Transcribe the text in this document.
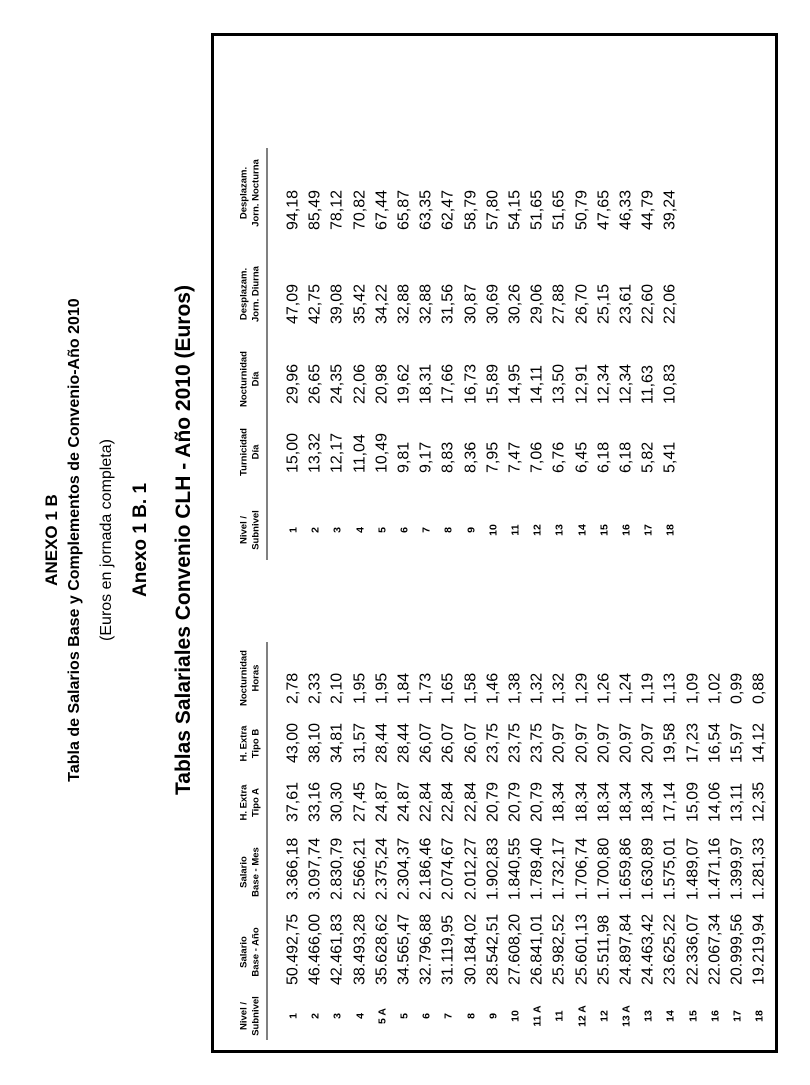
ANEXO 1 B Tabla de Salarios Base y Complementos de Convenio-Año 2010 (Euros en jornada completa) Anexo 1 B. 1 Tablas Salariales Convenio CLH - Año 2010 (Euros)
Nivel /
Subnivel
Salario
Base - Año
Salario
Base - Mes
H. Extra
Tipo A
H. Extra
Tipo B
Nocturnidad
Horas
Nivel /
Subnivel
Turnicidad
Día
Nocturnidad
Día
Desplazam.
Jorn. Diurna
Desplazam.
Jorn. Nocturna
1
50.492,75
3.366,18
37,61
43,00
2,78
2
46.466,00
3.097,74
33,16
38,10
2,33
3
42.461,83
2.830,79
30,30
34,81
2,10
4
38.493,28
2.566,21
27,45
31,57
1,95
5 A
35.628,62
2.375,24
24,87
28,44
1,95
5
34.565,47
2.304,37
24,87
28,44
1,84
6
32.796,88
2.186,46
22,84
26,07
1,73
7
31.119,95
2.074,67
22,84
26,07
1,65
8
30.184,02
2.012,27
22,84
26,07
1,58
9
28.542,51
1.902,83
20,79
23,75
1,46
10
27.608,20
1.840,55
20,79
23,75
1,38
11 A
26.841,01
1.789,40
20,79
23,75
1,32
11
25.982,52
1.732,17
18,34
20,97
1,32
12 A
25.601,13
1.706,74
18,34
20,97
1,29
12
25.511,98
1.700,80
18,34
20,97
1,26
13 A
24.897,84
1.659,86
18,34
20,97
1,24
13
24.463,42
1.630,89
18,34
20,97
1,19
14
23.625,22
1.575,01
17,14
19,58
1,13
15
22.336,07
1.489,07
15,09
17,23
1,09
16
22.067,34
1.471,16
14,06
16,54
1,02
17
20.999,56
1.399,97
13,11
15,97
0,99
18
19.219,94
1.281,33
12,35
14,12
0,88
1
15,00
29,96
47,09
94,18
2
13,32
26,65
42,75
85,49
3
12,17
24,35
39,08
78,12
4
11,04
22,06
35,42
70,82
5
10,49
20,98
34,22
67,44
6
9,81
19,62
32,88
65,87
7
9,17
18,31
32,88
63,35
8
8,83
17,66
31,56
62,47
9
8,36
16,73
30,87
58,79
10
7,95
15,89
30,69
57,80
11
7,47
14,95
30,26
54,15
12
7,06
14,11
29,06
51,65
13
6,76
13,50
27,88
51,65
14
6,45
12,91
26,70
50,79
15
6,18
12,34
25,15
47,65
16
6,18
12,34
23,61
46,33
17
5,82
11,63
22,60
44,79
18
5,41
10,83
22,06
39,24
